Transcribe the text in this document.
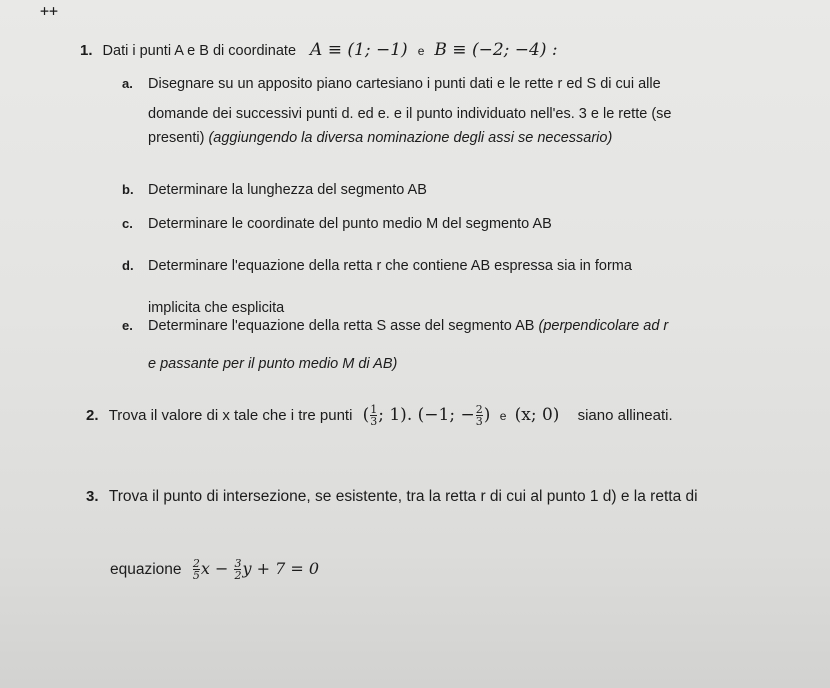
++
1. Dati i punti A e B di coordinate A ≡ (1; −1) e B ≡ (−2; −4) :
a. Disegnare su un apposito piano cartesiano i punti dati e le rette r ed S di cui alle
domande dei successivi punti d. ed e. e il punto individuato nell'es. 3 e le rette (se
presenti) (aggiungendo la diversa nominazione degli assi se necessario)
b. Determinare la lunghezza del segmento AB
c. Determinare le coordinate del punto medio M del segmento AB
d. Determinare l'equazione della retta r che contiene AB espressa sia in forma
implicita che esplicita
e. Determinare l'equazione della retta S asse del segmento AB (perpendicolare ad r
e passante per il punto medio M di AB)
2. Trova il valore di x tale che i tre punti ( $\frac{1}{3}$ ; 1). (−1; − $\frac{2}{3}$ ) e (x; 0) siano allineati.
3. Trova il punto di intersezione, se esistente, tra la retta r di cui al punto 1 d) e la retta di
equazione $\frac{2}{5}$ $x - \frac{3}{2}$ y + 7 = 0
